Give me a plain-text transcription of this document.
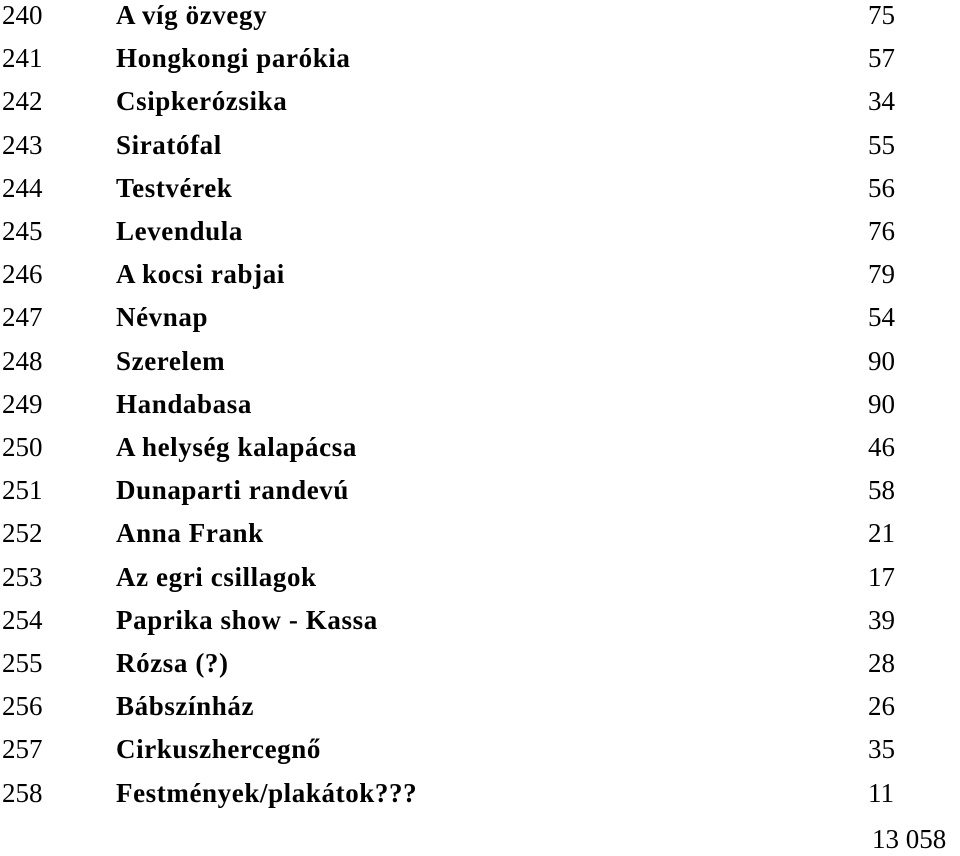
240	A víg özvegy	75
241	Hongkongi parókia	57
242	Csipkerózsika	34
243	Siratófal	55
244	Testvérek	56
245	Levendula	76
246	A kocsi rabjai	79
247	Névnap	54
248	Szerelem	90
249	Handabasa	90
250	A helység kalapácsa	46
251	Dunaparti randevú	58
252	Anna Frank	21
253	Az egri csillagok	17
254	Paprika show - Kassa	39
255	Rózsa (?)	28
256	Bábszínház	26
257	Cirkuszhercegnő	35
258	Festmények/plakátok???	11
13 058
